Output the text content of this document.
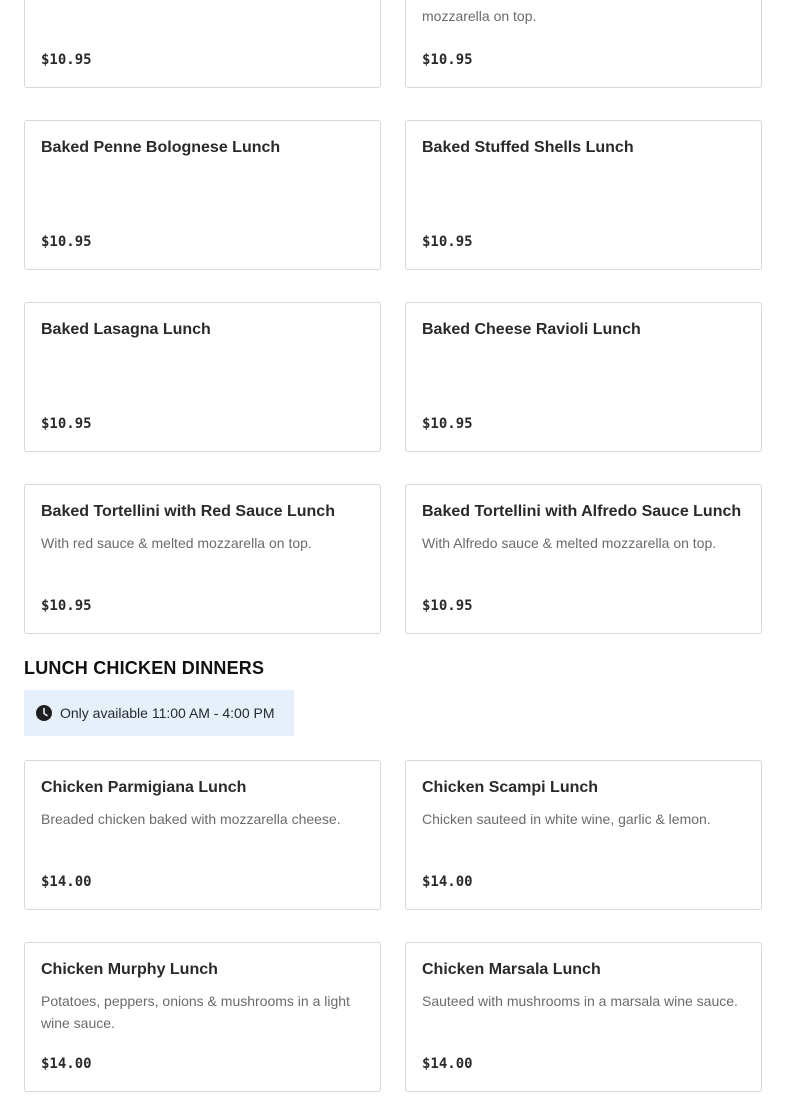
$10.95
mozzarella on top.
$10.95
Baked Penne Bolognese Lunch
$10.95
Baked Stuffed Shells Lunch
$10.95
Baked Lasagna Lunch
$10.95
Baked Cheese Ravioli Lunch
$10.95
Baked Tortellini with Red Sauce Lunch
With red sauce & melted mozzarella on top.
$10.95
Baked Tortellini with Alfredo Sauce Lunch
With Alfredo sauce & melted mozzarella on top.
$10.95
LUNCH CHICKEN DINNERS
Only available 11:00 AM - 4:00 PM
Chicken Parmigiana Lunch
Breaded chicken baked with mozzarella cheese.
$14.00
Chicken Scampi Lunch
Chicken sauteed in white wine, garlic & lemon.
$14.00
Chicken Murphy Lunch
Potatoes, peppers, onions & mushrooms in a light wine sauce.
$14.00
Chicken Marsala Lunch
Sauteed with mushrooms in a marsala wine sauce.
$14.00
